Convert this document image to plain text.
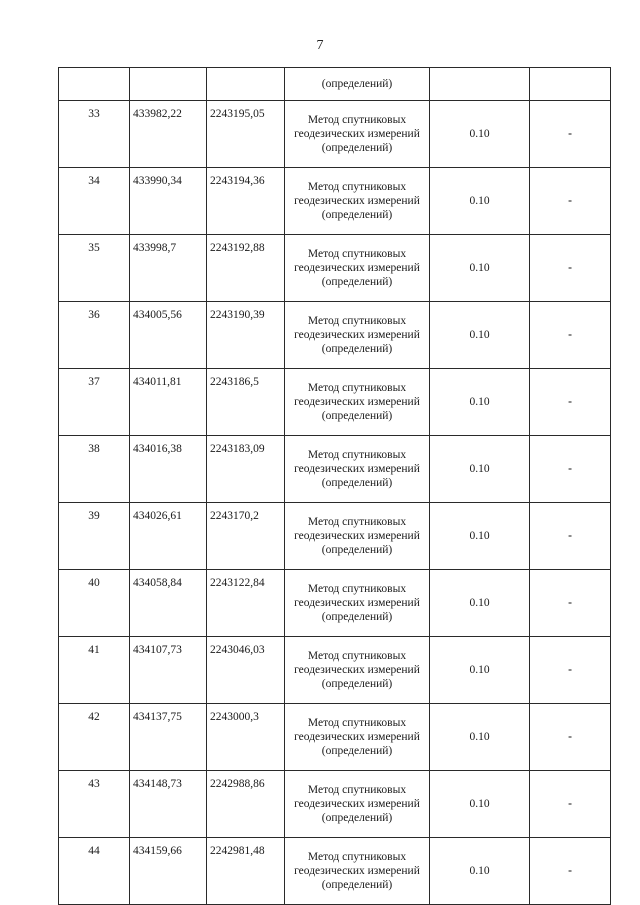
7

			(определений)		

33	433982,22	2243195,05	Метод спутниковых
геодезических измерений
(определений)	0.10	-
34	433990,34	2243194,36	Метод спутниковых
геодезических измерений
(определений)	0.10	-
35	433998,7	2243192,88	Метод спутниковых
геодезических измерений
(определений)	0.10	-
36	434005,56	2243190,39	Метод спутниковых
геодезических измерений
(определений)	0.10	-
37	434011,81	2243186,5	Метод спутниковых
геодезических измерений
(определений)	0.10	-
38	434016,38	2243183,09	Метод спутниковых
геодезических измерений
(определений)	0.10	-
39	434026,61	2243170,2	Метод спутниковых
геодезических измерений
(определений)	0.10	-
40	434058,84	2243122,84	Метод спутниковых
геодезических измерений
(определений)	0.10	-
41	434107,73	2243046,03	Метод спутниковых
геодезических измерений
(определений)	0.10	-
42	434137,75	2243000,3	Метод спутниковых
геодезических измерений
(определений)	0.10	-
43	434148,73	2242988,86	Метод спутниковых
геодезических измерений
(определений)	0.10	-
44	434159,66	2242981,48	Метод спутниковых
геодезических измерений
(определений)	0.10	-
